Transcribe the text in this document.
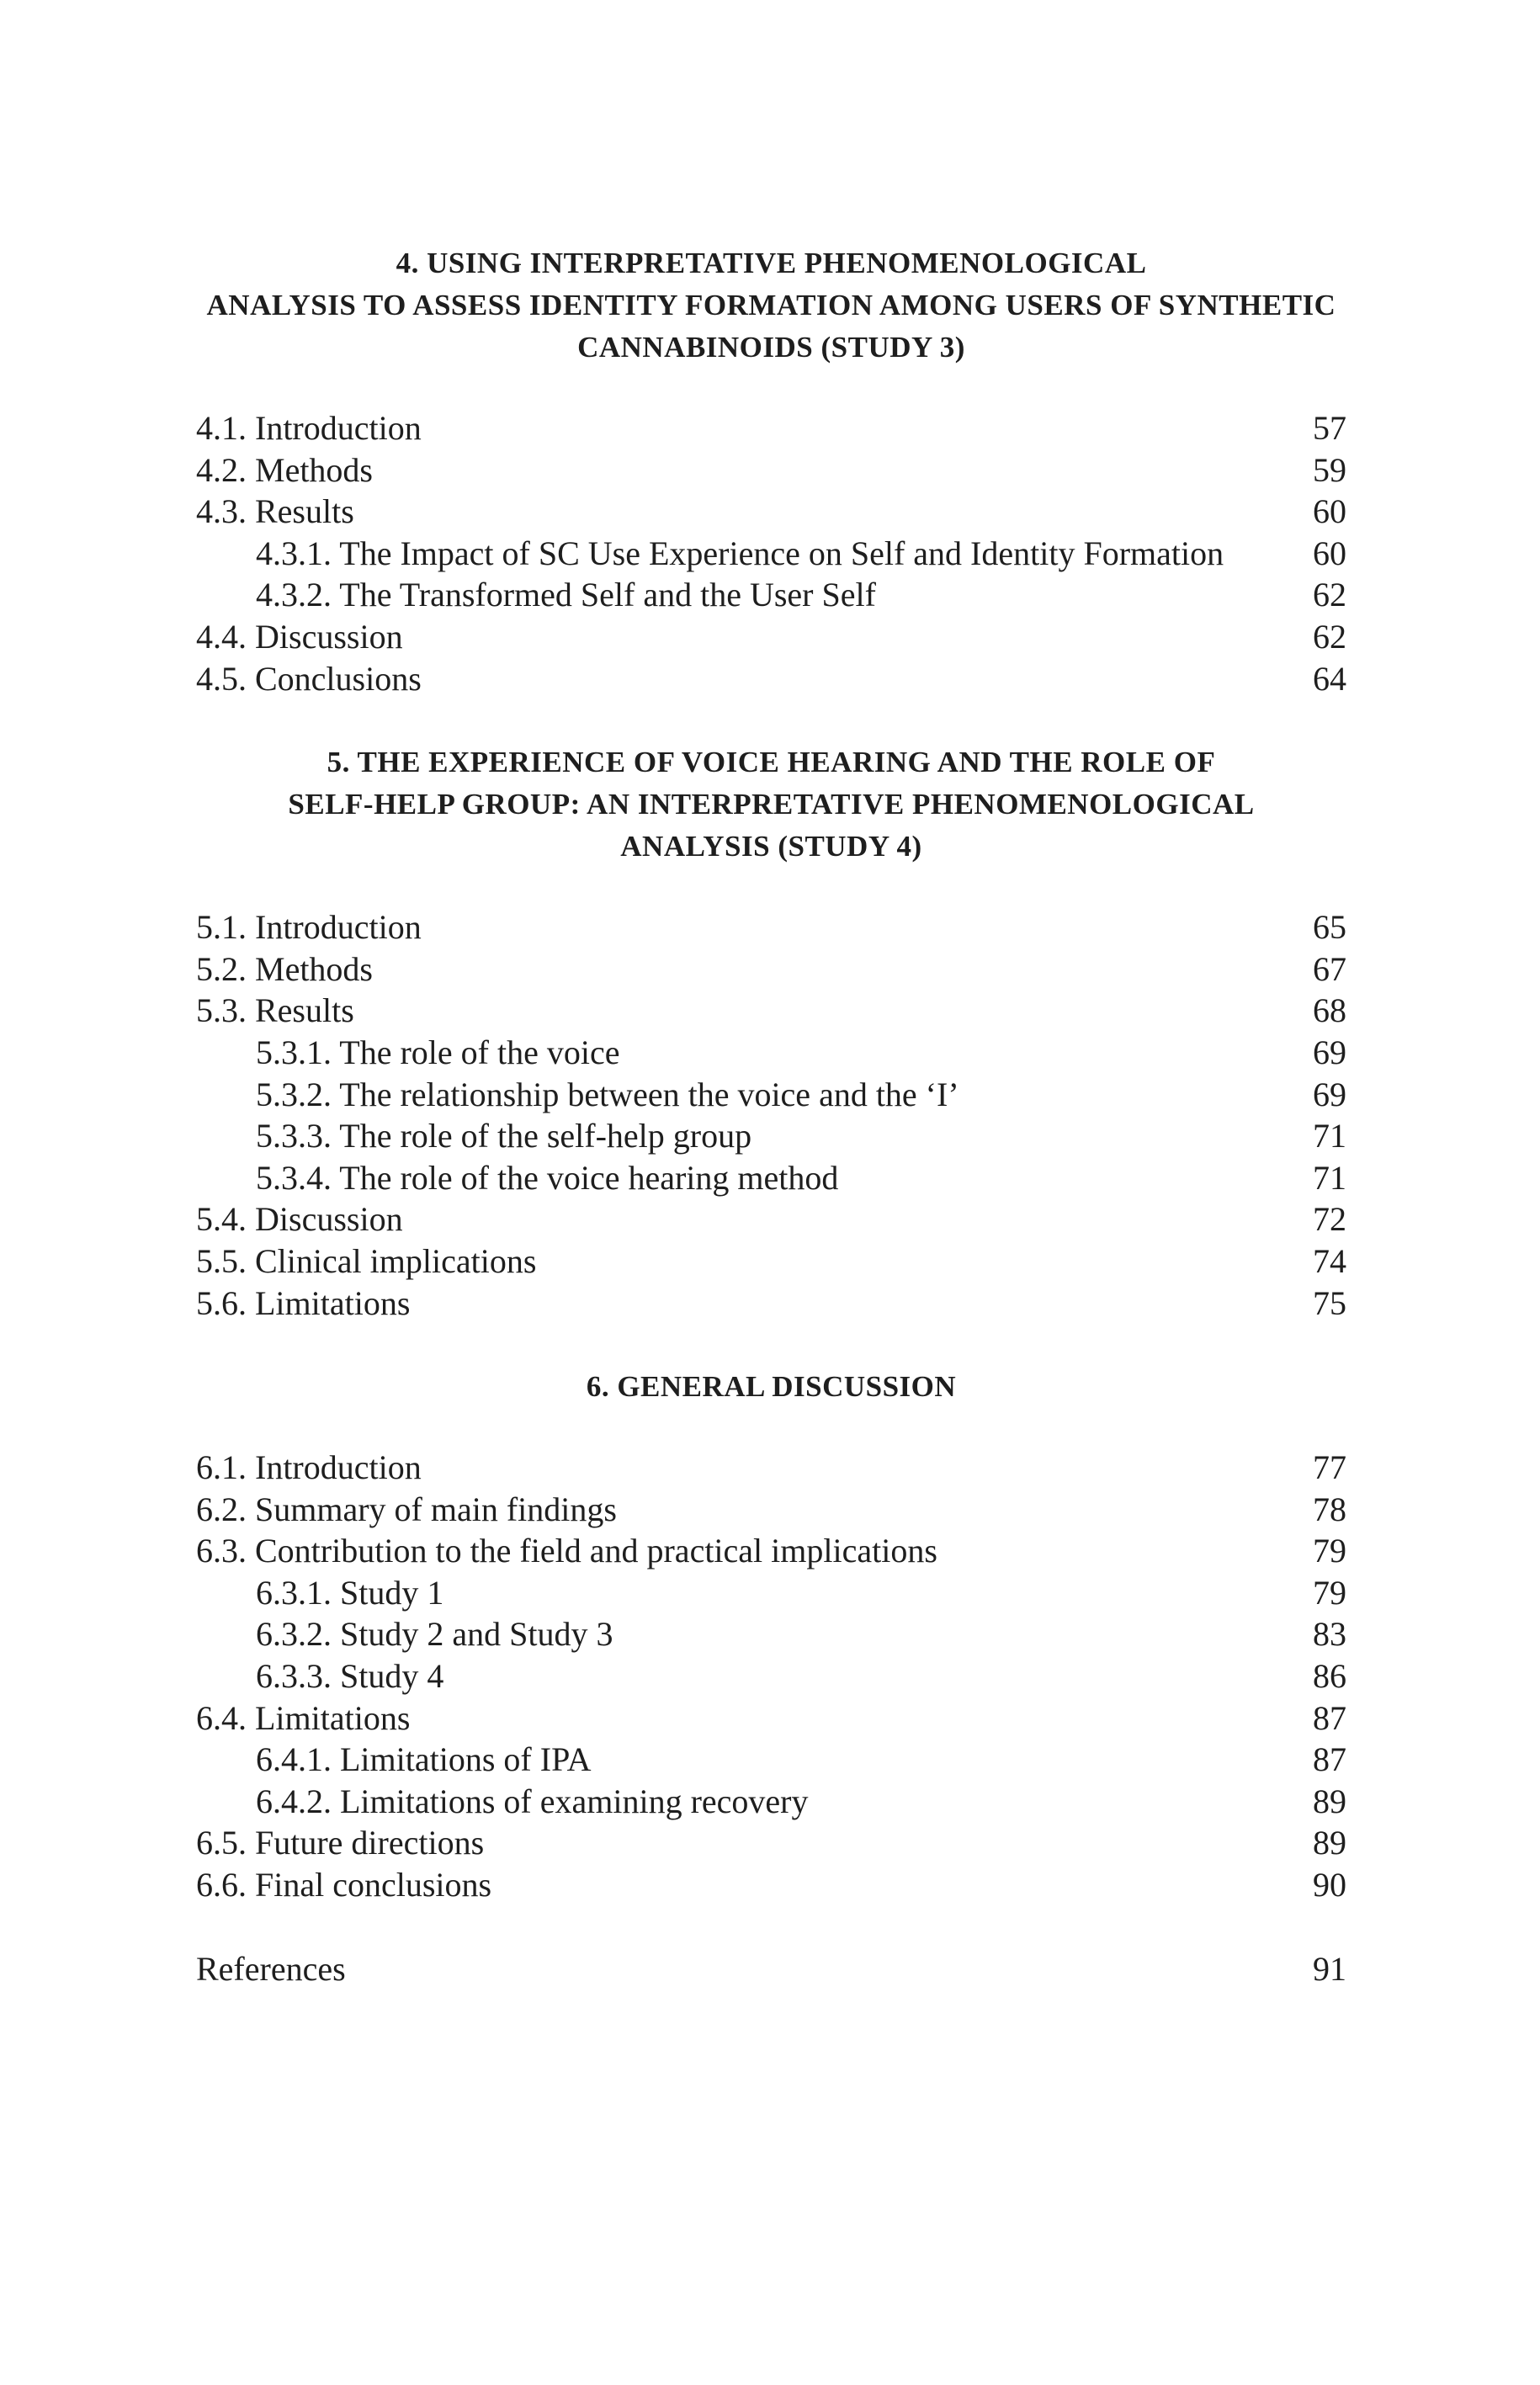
4. USING INTERPRETATIVE PHENOMENOLOGICAL
ANALYSIS TO ASSESS IDENTITY FORMATION AMONG USERS OF SYNTHETIC
CANNABINOIDS (STUDY 3)
4.1. Introduction	57
4.2. Methods	59
4.3. Results	60
4.3.1. The Impact of SC Use Experience on Self and Identity Formation	60
4.3.2. The Transformed Self and the User Self	62
4.4. Discussion	62
4.5. Conclusions	64
5. THE EXPERIENCE OF VOICE HEARING AND THE ROLE OF
SELF-HELP GROUP: AN INTERPRETATIVE PHENOMENOLOGICAL
ANALYSIS (STUDY 4)
5.1. Introduction	65
5.2. Methods	67
5.3. Results	68
5.3.1. The role of the voice	69
5.3.2. The relationship between the voice and the ‘I’	69
5.3.3. The role of the self-help group	71
5.3.4. The role of the voice hearing method	71
5.4. Discussion	72
5.5. Clinical implications	74
5.6. Limitations	75
6. GENERAL DISCUSSION
6.1. Introduction	77
6.2. Summary of main findings	78
6.3. Contribution to the field and practical implications	79
6.3.1. Study 1	79
6.3.2. Study 2 and Study 3	83
6.3.3. Study 4	86
6.4. Limitations	87
6.4.1. Limitations of IPA	87
6.4.2. Limitations of examining recovery	89
6.5. Future directions	89
6.6. Final conclusions	90
References	91
